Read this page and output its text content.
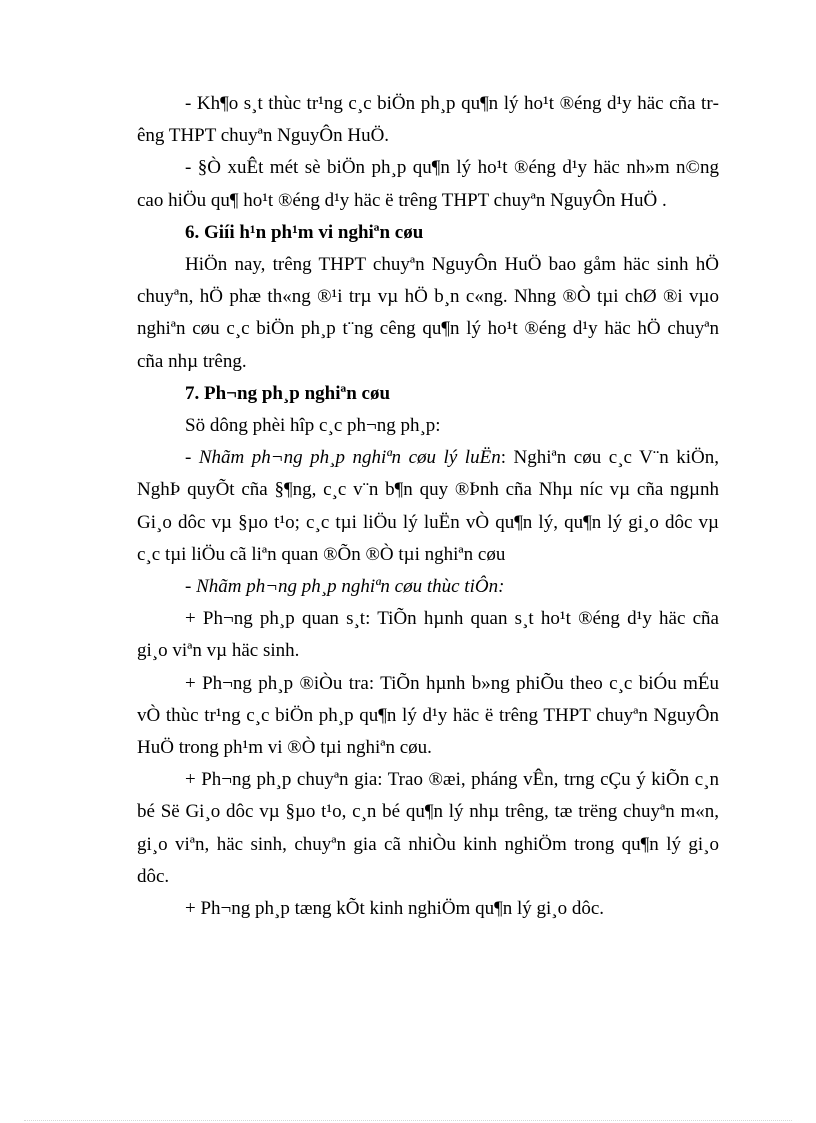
- Kh¶o s¸t thùc tr¹ng c¸c biÖn ph¸p qu¶n lý ho¹t ®éng d¹y häc cña trêng THPT chuyªn NguyÔn HuÖ.

- §Ò xuÊt mét sè biÖn ph¸p qu¶n lý ho¹t ®éng d¹y häc nh»m n©ng cao hiÖu qu¶ ho¹t ®éng d¹y häc ë trêng THPT chuyªn NguyÔn HuÖ .

6. Giíi h¹n ph¹m vi nghiªn cøu

HiÖn nay, trêng THPT chuyªn NguyÔn HuÖ bao gåm häc sinh hÖ chuyªn, hÖ phæ th«ng ®¹i trµ vµ hÖ b¸n c«ng. Nhng ®Ò tµi chØ ®i vµo nghiªn cøu c¸c biÖn ph¸p t¨ng cêng qu¶n lý ho¹t ®éng d¹y häc hÖ chuyªn cña nhµ trêng.

7. Ph¬ng ph¸p nghiªn cøu

Sö dông phèi hîp c¸c ph¬ng ph¸p:

- Nhãm ph¬ng ph¸p nghiªn cøu lý luËn: Nghiªn cøu c¸c V¨n kiÖn, NghÞ quyÕt cña §¶ng, c¸c v¨n b¶n quy ®Þnh cña Nhµ níc vµ cña ngµnh Gi¸o dôc vµ §µo t¹o; c¸c tµi liÖu lý luËn vÒ qu¶n lý, qu¶n lý gi¸o dôc vµ c¸c tµi liÖu cã liªn quan ®Õn ®Ò tµi nghiªn cøu

- Nhãm ph¬ng ph¸p nghiªn cøu thùc tiÔn:

+ Ph¬ng ph¸p quan s¸t: TiÕn hµnh quan s¸t ho¹t ®éng d¹y häc cña gi¸o viªn vµ häc sinh.

+ Ph¬ng ph¸p ®iÒu tra: TiÕn hµnh b»ng phiÕu theo c¸c biÓu mÉu vÒ thùc tr¹ng c¸c biÖn ph¸p qu¶n lý d¹y häc ë trêng THPT chuyªn NguyÔn HuÖ trong ph¹m vi ®Ò tµi nghiªn cøu.

+ Ph¬ng ph¸p chuyªn gia: Trao ®æi, pháng vÊn, trng cÇu ý kiÕn c¸n bé Së Gi¸o dôc vµ §µo t¹o, c¸n bé qu¶n lý nhµ trêng, tæ trëng chuyªn m«n, gi¸o viªn, häc sinh, chuyªn gia cã nhiÒu kinh nghiÖm trong qu¶n lý gi¸o dôc.

+ Ph¬ng ph¸p tæng kÕt kinh nghiÖm qu¶n lý gi¸o dôc.
